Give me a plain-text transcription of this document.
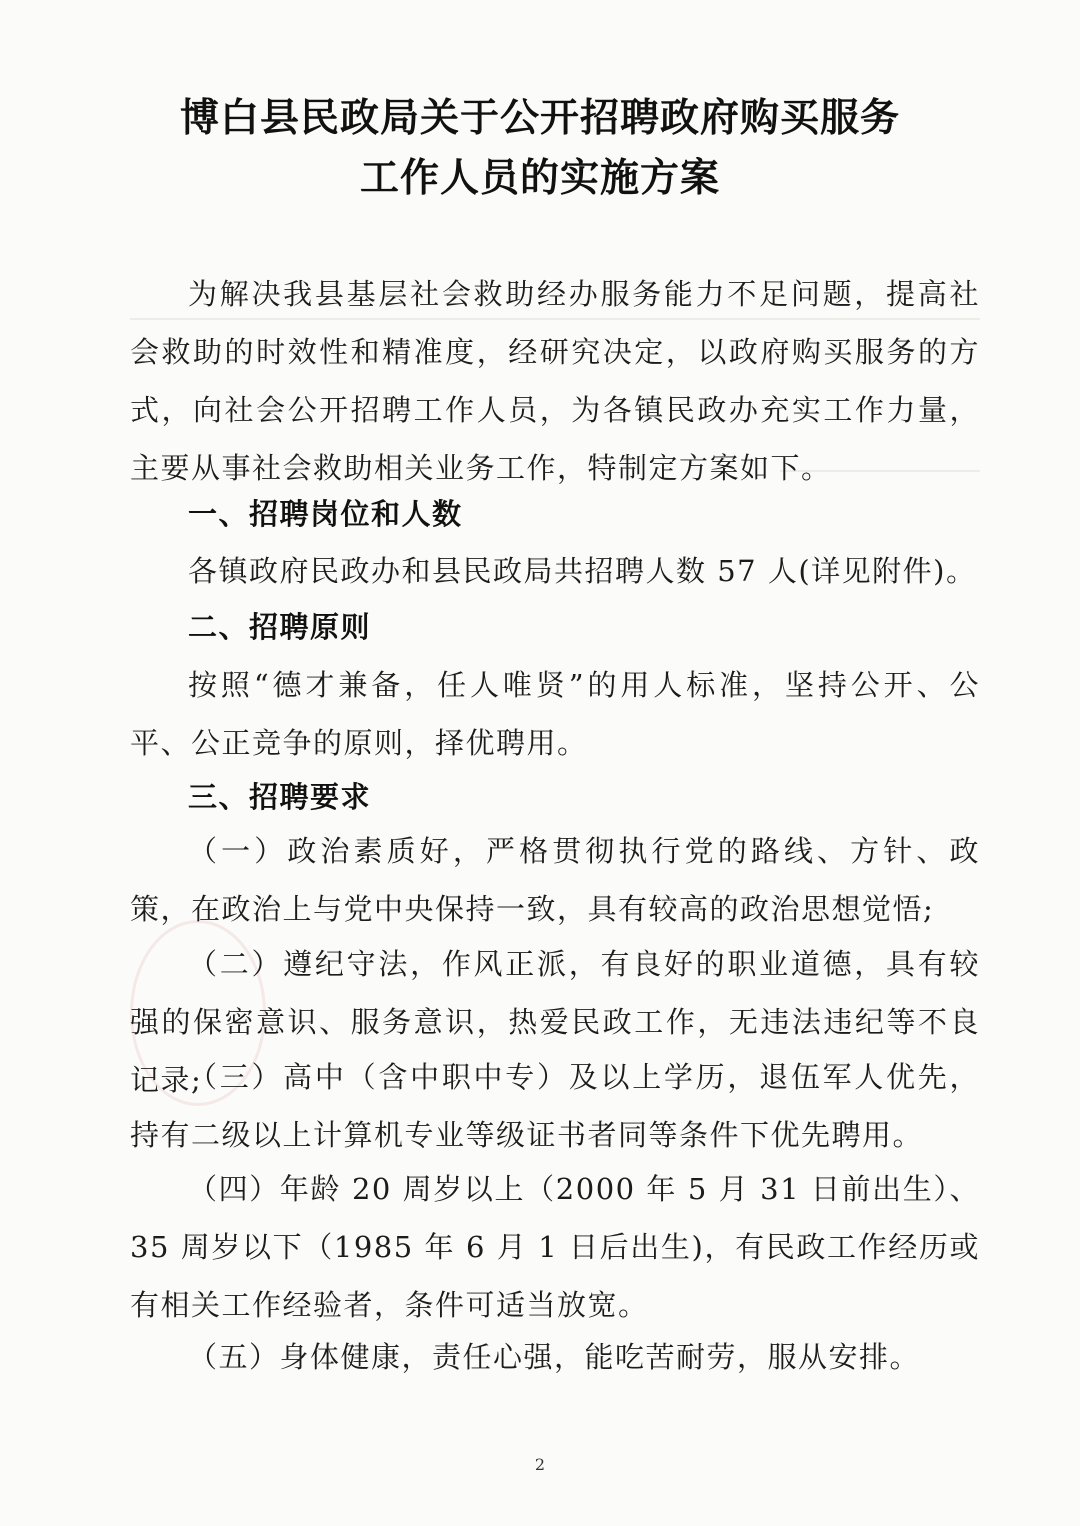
博白县民政局关于公开招聘政府购买服务
工作人员的实施方案
为解决我县基层社会救助经办服务能力不足问题，提高社会救助的时效性和精准度，经研究决定，以政府购买服务的方式，向社会公开招聘工作人员，为各镇民政办充实工作力量，主要从事社会救助相关业务工作，特制定方案如下。
一、招聘岗位和人数
各镇政府民政办和县民政局共招聘人数 57 人(详见附件)。
二、招聘原则
按照“德才兼备，任人唯贤”的用人标准，坚持公开、公平、公正竞争的原则，择优聘用。
三、招聘要求
（一）政治素质好，严格贯彻执行党的路线、方针、政策，在政治上与党中央保持一致，具有较高的政治思想觉悟;
（二）遵纪守法，作风正派，有良好的职业道德，具有较强的保密意识、服务意识，热爱民政工作，无违法违纪等不良记录;
（三）高中（含中职中专）及以上学历，退伍军人优先，持有二级以上计算机专业等级证书者同等条件下优先聘用。
（四）年龄 20 周岁以上（2000 年 5 月 31 日前出生）、35 周岁以下（1985 年 6 月 1 日后出生)，有民政工作经历或有相关工作经验者，条件可适当放宽。
（五）身体健康，责任心强，能吃苦耐劳，服从安排。
2
